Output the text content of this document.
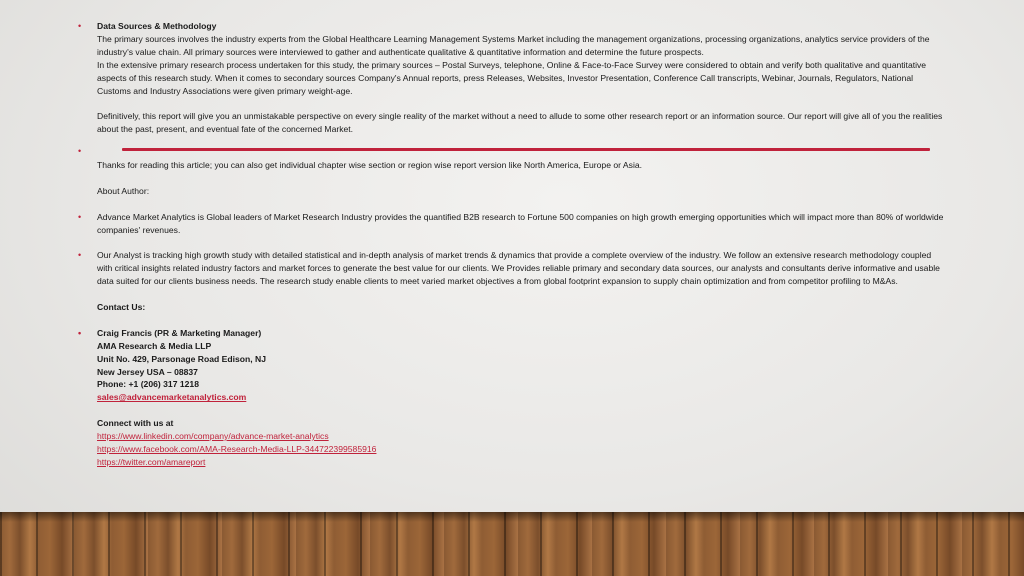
• Data Sources & Methodology

The primary sources involves the industry experts from the Global Healthcare Learning Management Systems Market including the management organizations, processing organizations, analytics service providers of the industry's value chain. All primary sources were interviewed to gather and authenticate qualitative & quantitative information and determine the future prospects.

In the extensive primary research process undertaken for this study, the primary sources – Postal Surveys, telephone, Online & Face-to-Face Survey were considered to obtain and verify both qualitative and quantitative aspects of this research study. When it comes to secondary sources Company's Annual reports, press Releases, Websites, Investor Presentation, Conference Call transcripts, Webinar, Journals, Regulators, National Customs and Industry Associations were given primary weight-age.

Definitively, this report will give you an unmistakable perspective on every single reality of the market without a need to allude to some other research report or an information source. Our report will give all of you the realities about the past, present, and eventual fate of the concerned Market.

•

Thanks for reading this article; you can also get individual chapter wise section or region wise report version like North America, Europe or Asia.

About Author:

• Advance Market Analytics is Global leaders of Market Research Industry provides the quantified B2B research to Fortune 500 companies on high growth emerging opportunities which will impact more than 80% of worldwide companies' revenues.

• Our Analyst is tracking high growth study with detailed statistical and in-depth analysis of market trends & dynamics that provide a complete overview of the industry. We follow an extensive research methodology coupled with critical insights related industry factors and market forces to generate the best value for our clients. We Provides reliable primary and secondary data sources, our analysts and consultants derive informative and usable data suited for our clients business needs. The research study enable clients to meet varied market objectives a from global footprint expansion to supply chain optimization and from competitor profiling to M&As.

Contact Us:

• Craig Francis (PR & Marketing Manager)

AMA Research & Media LLP

Unit No. 429, Parsonage Road Edison, NJ

New Jersey USA – 08837

Phone: +1 (206) 317 1218

sales@advancemarketanalytics.com

Connect with us at

https://www.linkedin.com/company/advance-market-analytics

https://www.facebook.com/AMA-Research-Media-LLP-344722399585916

https://twitter.com/amareport
